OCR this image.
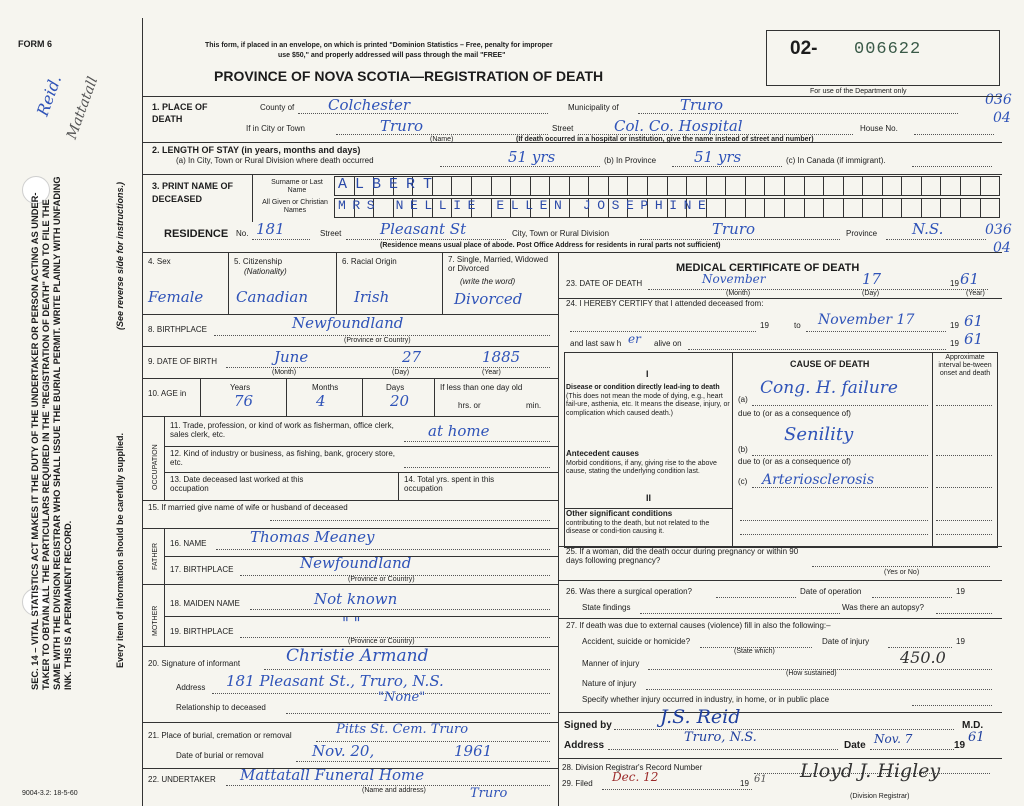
FORM 6	This form, if placed in an envelope, on which is printed "Dominion Statistics – Free, penalty for improper
use $50," and properly addressed will pass through the mail "FREE"
PROVINCE OF NOVA SCOTIA—REGISTRATION OF DEATH
02- 006622
For use of the Department only
036
04
036
04
Reid.
Mattatall
SEC. 14 – VITAL STATISTICS ACT MAKES IT THE DUTY OF THE UNDERTAKER OR PERSON ACTING AS UNDER-TAKER TO OBTAIN ALL THE PARTICULARS REQUIRED IN THE "REGISTRATION OF DEATH" AND TO FILE THE SAME WITH THE DIVISION REGISTRAR WHO SHALL ISSUE THE BURIAL PERMIT. WRITE PLAINLY WITH UNFADING INK. THIS IS A PERMANENT RECORD.	Every item of information should be carefully supplied.
(See reverse side for instructions.)
9004-3.2: 18-5-60
1. PLACE OF DEATH
County of Colchester	Municipality of	Truro
If in City or Town	Truro
(Name)
Street	Col. Co. Hospital	House No.
(If death occurred in a hospital or institution, give the name instead of street and number)
2. LENGTH OF STAY (in years, months and days)
(a) In City, Town or Rural Division where death occurred	51 yrs	(b) In Province	51 yrs	(c) In Canada (if immigrant).
3. PRINT NAME OF DECEASED
Surname or Last Name
All Given or Christian Names
ALBERT
MRS NELLIE ELLEN JOSEPHINE
RESIDENCE No. 181	Street	Pleasant St	City, Town or Rural Division	Truro	Province N.S.
(Residence means usual place of abode. Post Office Address for residents in rural parts not sufficient)
4. Sex	5. Citizenship
(Nationality)
6. Racial Origin	7. Single, Married, Widowed or Divorced
(write the word)
Female Canadian	Irish	Divorced
8. BIRTHPLACE	Newfoundland
(Province or Country)
9. DATE OF BIRTH	June	27	1885
(Month)	(Day)	(Year)
10. AGE in
Years	Months	Days
76	4	20
If less than one day old
hrs. or	min.
OCCUPATION
11. Trade, profession, or kind of work as fisherman, office clerk, sales clerk, etc.	at home
12. Kind of industry or business, as fishing, bank, grocery store, etc.
13. Date deceased last worked at this occupation
14. Total yrs. spent in this occupation
15. If married give name of wife or husband of deceased
FATHER 16. NAME	Thomas Meaney
17. BIRTHPLACE	Newfoundland
(Province or Country)
MOTHER
18. MAIDEN NAME	Not known
19. BIRTHPLACE	" "
(Province or Country)
20. Signature of informant	Christie Armand
Address 181 Pleasant St., Truro, N.S.
Relationship to deceased
"None"
21. Place of burial, cremation or removal	Pitts St. Cem. Truro
Date of burial or removal	Nov. 20,	1961
22. UNDERTAKER Mattatall Funeral Home
(Name and address)	Truro
MEDICAL CERTIFICATE OF DEATH
23. DATE OF DEATH	November	17	19 61
(Month)	(Day)	(Year)
24. I HEREBY CERTIFY that I attended deceased from:
19	to November 17	19 61
and last saw h er alive on	19 61
CAUSE OF DEATH
Approximate interval be-tween onset and death
I
Disease or condition directly lead-ing to death (This does not mean the mode of dying, e.g., heart fail-ure, asthenia, etc. It means the disease, injury, or complication which caused death.)
Antecedent causes
Morbid conditions, if any, giving rise to the above cause, stating the underlying condition last.
II
Other significant conditions
contributing to the death, but not related to the disease or condi-tion causing it.
(a)
Cong. H. failure
due to (or as a consequence of)
(b)
Senility
due to (or as a consequence of)
(c) Arteriosclerosis
25. If a woman, did the death occur during pregnancy or within 90 days following pregnancy?
(Yes or No)
26. Was there a surgical operation?	Date of operation	19
State findings	Was there an autopsy?
27. If death was due to external causes (violence) fill in also the following:–
Accident, suicide or homicide?	Date of injury	19
(State which)
Manner of injury	450.0
(How sustained)
Nature of injury
Specify whether injury occurred in industry, in home, or in public place
Signed by	J.S. Reid	M.D.
Address
Truro, N.S.
Date Nov. 7	19
61
28. Division Registrar's Record Number
29. Filed Dec. 12	19 61 Lloyd J. Higley
(Division Registrar)
